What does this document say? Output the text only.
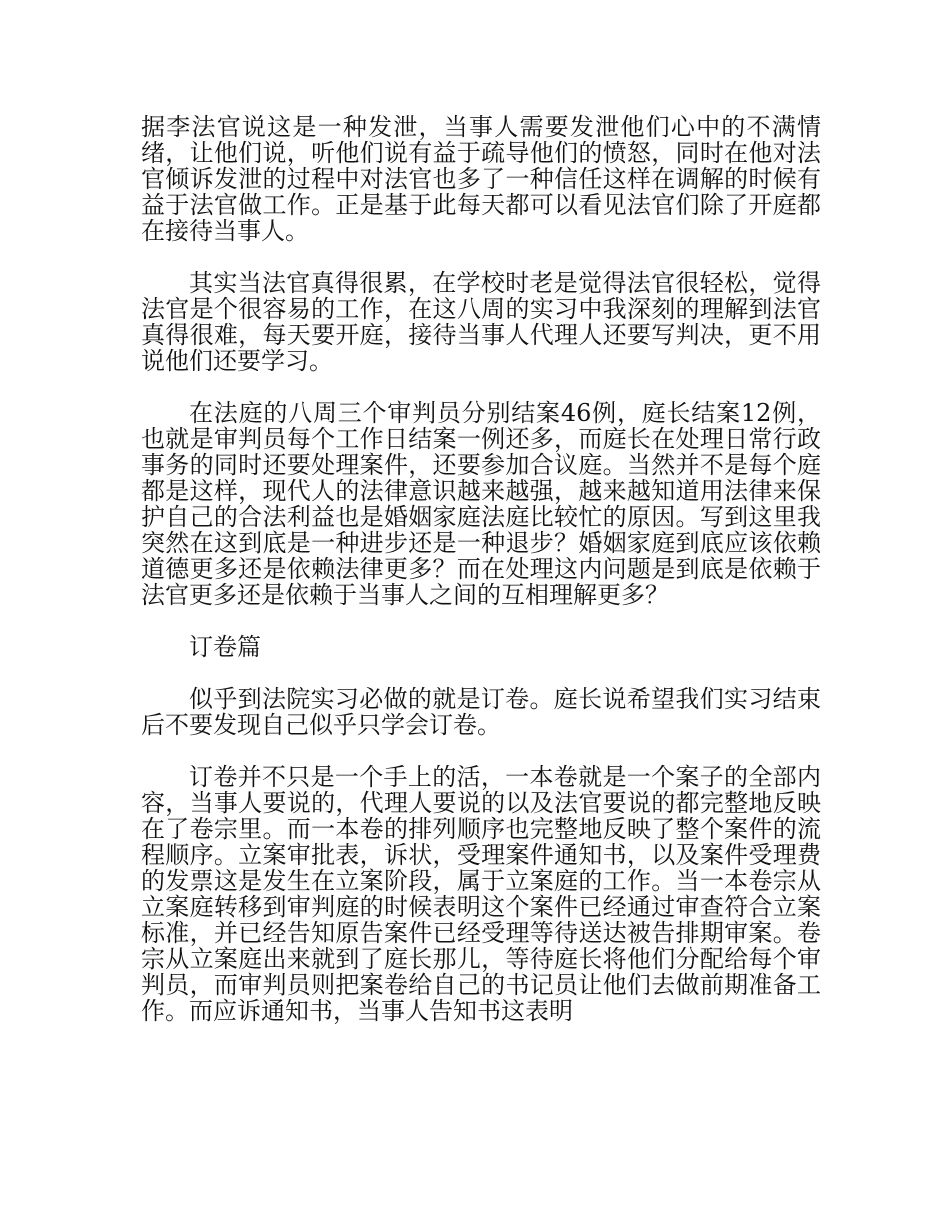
据李法官说这是一种发泄，当事人需要发泄他们心中的不满情绪，让他们说，听他们说有益于疏导他们的愤怒，同时在他对法官倾诉发泄的过程中对法官也多了一种信任这样在调解的时候有益于法官做工作。正是基于此每天都可以看见法官们除了开庭都在接待当事人。

其实当法官真得很累，在学校时老是觉得法官很轻松，觉得法官是个很容易的工作，在这八周的实习中我深刻的理解到法官真得很难，每天要开庭，接待当事人代理人还要写判决，更不用说他们还要学习。

在法庭的八周三个审判员分别结案46例，庭长结案12例，也就是审判员每个工作日结案一例还多，而庭长在处理日常行政事务的同时还要处理案件，还要参加合议庭。当然并不是每个庭都是这样，现代人的法律意识越来越强，越来越知道用法律来保护自己的合法利益也是婚姻家庭法庭比较忙的原因。写到这里我突然在这到底是一种进步还是一种退步？婚姻家庭到底应该依赖道德更多还是依赖法律更多？而在处理这内问题是到底是依赖于法官更多还是依赖于当事人之间的互相理解更多？

订卷篇

似乎到法院实习必做的就是订卷。庭长说希望我们实习结束后不要发现自己似乎只学会订卷。

订卷并不只是一个手上的活，一本卷就是一个案子的全部内容，当事人要说的，代理人要说的以及法官要说的都完整地反映在了卷宗里。而一本卷的排列顺序也完整地反映了整个案件的流程顺序。立案审批表，诉状，受理案件通知书，以及案件受理费的发票这是发生在立案阶段，属于立案庭的工作。当一本卷宗从立案庭转移到审判庭的时候表明这个案件已经通过审查符合立案标准，并已经告知原告案件已经受理等待送达被告排期审案。卷宗从立案庭出来就到了庭长那儿，等待庭长将他们分配给每个审判员，而审判员则把案卷给自己的书记员让他们去做前期准备工作。而应诉通知书，当事人告知书这表明
